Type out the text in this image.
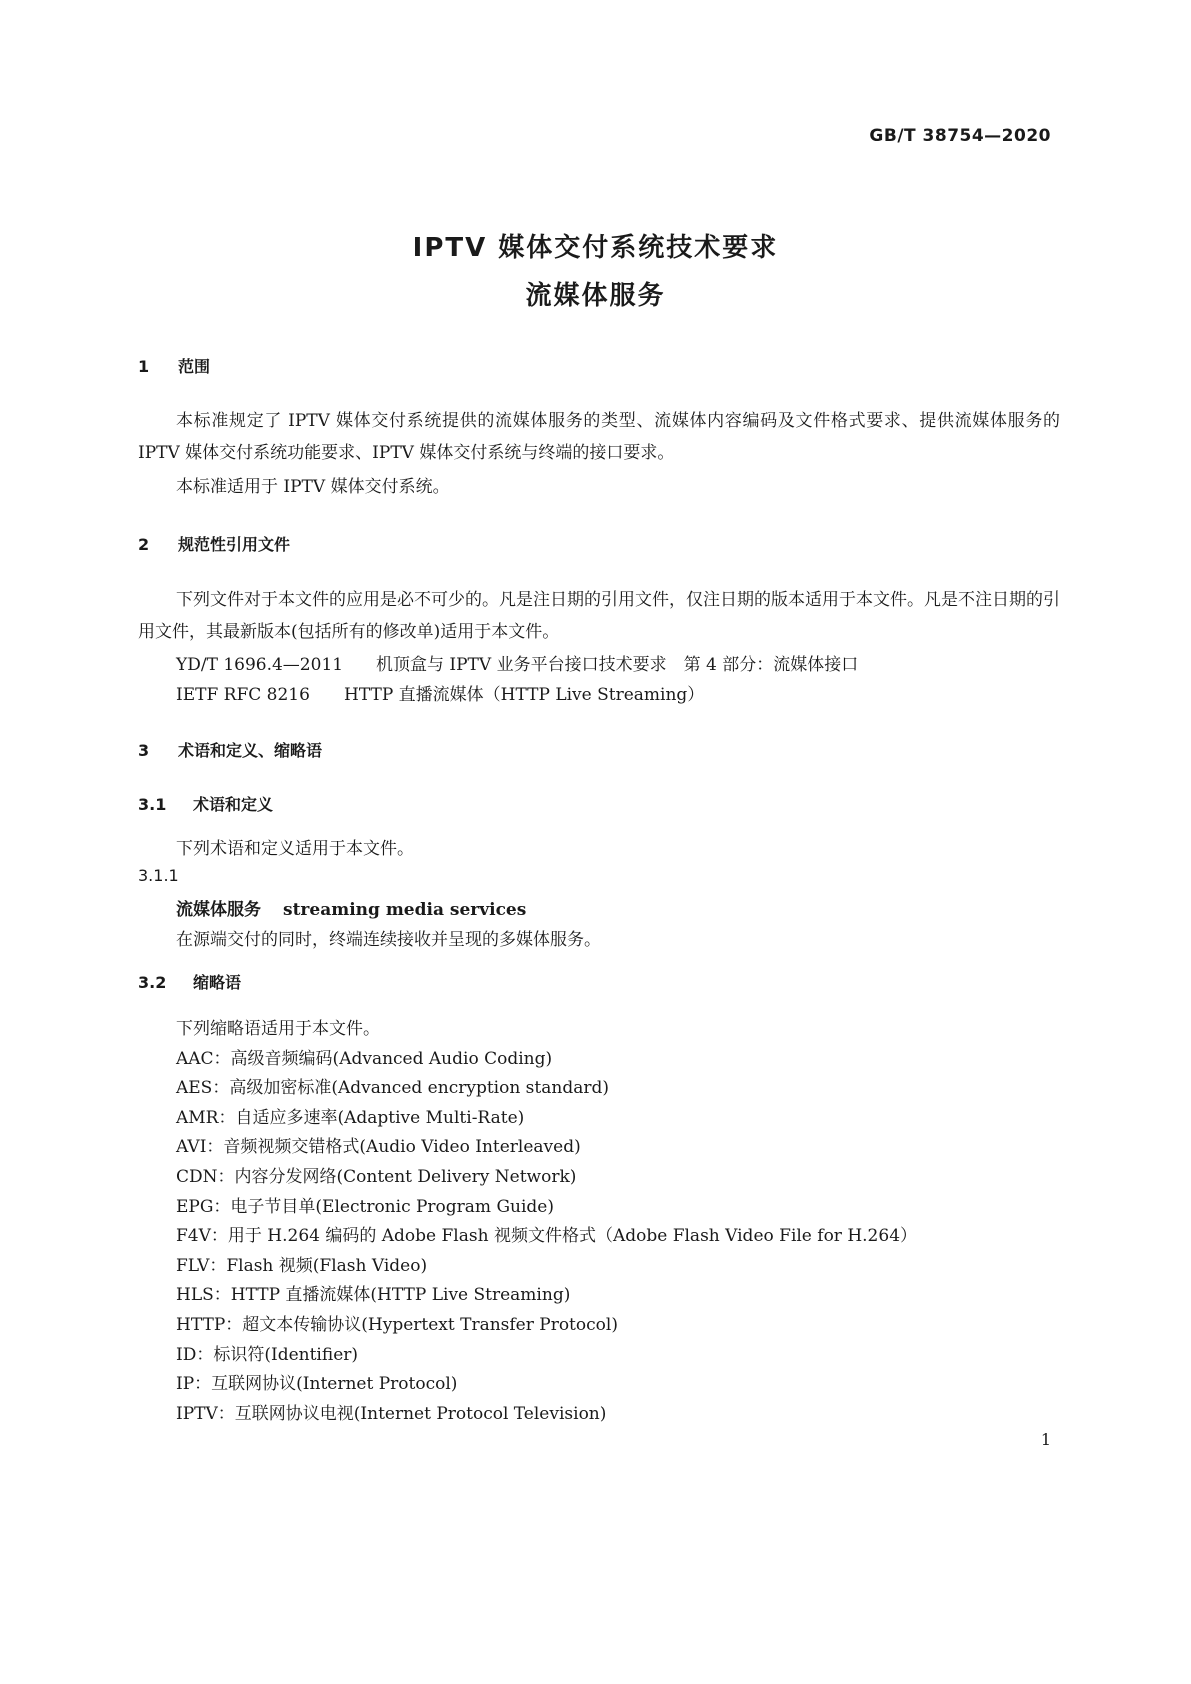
GB/T 38754—2020
IPTV 媒体交付系统技术要求
流媒体服务
1 范围
本标准规定了 IPTV 媒体交付系统提供的流媒体服务的类型、流媒体内容编码及文件格式要求、提供流媒体服务的 IPTV 媒体交付系统功能要求、IPTV 媒体交付系统与终端的接口要求。
本标准适用于 IPTV 媒体交付系统。
2 规范性引用文件
下列文件对于本文件的应用是必不可少的。凡是注日期的引用文件，仅注日期的版本适用于本文件。凡是不注日期的引用文件，其最新版本(包括所有的修改单)适用于本文件。
YD/T 1696.4—2011 机顶盒与 IPTV 业务平台接口技术要求　第 4 部分：流媒体接口
IETF RFC 8216 HTTP 直播流媒体（HTTP Live Streaming）
3 术语和定义、缩略语
3.1 术语和定义
下列术语和定义适用于本文件。
3.1.1
流媒体服务 streaming media services
在源端交付的同时，终端连续接收并呈现的多媒体服务。
3.2 缩略语
下列缩略语适用于本文件。
AAC：高级音频编码(Advanced Audio Coding)
AES：高级加密标准(Advanced encryption standard)
AMR：自适应多速率(Adaptive Multi-Rate)
AVI：音频视频交错格式(Audio Video Interleaved)
CDN：内容分发网络(Content Delivery Network)
EPG：电子节目单(Electronic Program Guide)
F4V：用于 H.264 编码的 Adobe Flash 视频文件格式（Adobe Flash Video File for H.264）
FLV：Flash 视频(Flash Video)
HLS：HTTP 直播流媒体(HTTP Live Streaming)
HTTP：超文本传输协议(Hypertext Transfer Protocol)
ID：标识符(Identifier)
IP：互联网协议(Internet Protocol)
IPTV：互联网协议电视(Internet Protocol Television)
1
